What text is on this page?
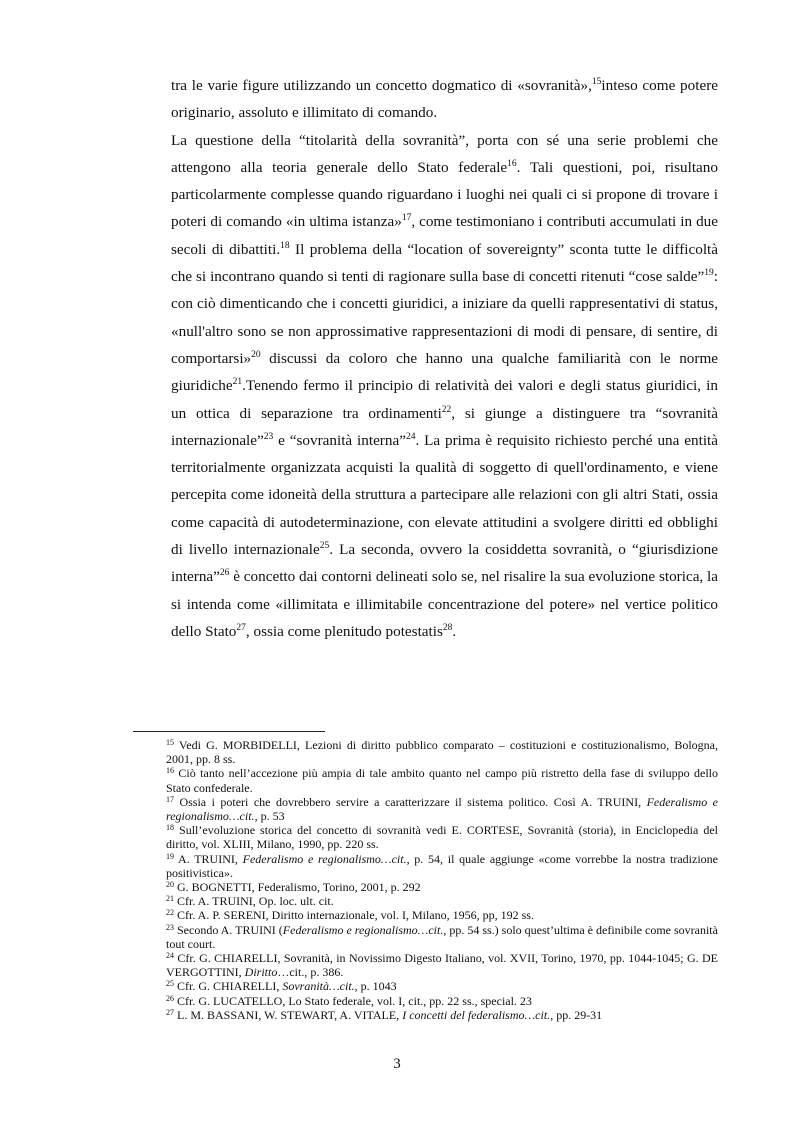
tra le varie figure utilizzando un concetto dogmatico di «sovranità»,$^{15}$inteso come potere originario, assoluto e illimitato di comando.

La questione della “titolarità della sovranità”, porta con sé una serie problemi che attengono alla teoria generale dello Stato federale$^{16}$. Tali questioni, poi, risultano particolarmente complesse quando riguardano i luoghi nei quali ci si propone di trovare i poteri di comando «in ultima istanza»$^{17}$, come testimoniano i contributi accumulati in due secoli di dibattiti.$^{18}$ Il problema della “location of sovereignty” sconta tutte le difficoltà che si incontrano quando si tenti di ragionare sulla base di concetti ritenuti “cose salde”$^{19}$: con ciò dimenticando che i concetti giuridici, a iniziare da quelli rappresentativi di status, «null'altro sono se non approssimative rappresentazioni di modi di pensare, di sentire, di comportarsi»$^{20}$ discussi da coloro che hanno una qualche familiarità con le norme giuridiche$^{21}$.Tenendo fermo il principio di relatività dei valori e degli status giuridici, in un ottica di separazione tra ordinamenti$^{22}$, si giunge a distinguere tra “sovranità internazionale”$^{23}$ e “sovranità interna”$^{24}$. La prima è requisito richiesto perché una entità territorialmente organizzata acquisti la qualità di soggetto di quell'ordinamento, e viene percepita come idoneità della struttura a partecipare alle relazioni con gli altri Stati, ossia come capacità di autodeterminazione, con elevate attitudini a svolgere diritti ed obblighi di livello internazionale$^{25}$. La seconda, ovvero la cosiddetta sovranità, o “giurisdizione interna”$^{26}$ è concetto dai contorni delineati solo se, nel risalire la sua evoluzione storica, la si intenda come «illimitata e illimitabile concentrazione del potere» nel vertice politico dello Stato$^{27}$, ossia come plenitudo potestatis$^{28}$.

$^{15}$ Vedi G. MORBIDELLI, Lezioni di diritto pubblico comparato – costituzioni e costituzionalismo, Bologna, 2001, pp. 8 ss.

$^{16}$ Ciò tanto nell’accezione più ampia di tale ambito quanto nel campo più ristretto della fase di sviluppo dello Stato confederale.

$^{17}$ Ossia i poteri che dovrebbero servire a caratterizzare il sistema politico. Così A. TRUINI, Federalismo e regionalismo…cit., p. 53

$^{18}$ Sull’evoluzione storica del concetto di sovranità vedi E. CORTESE, Sovranità (storia), in Enciclopedia del diritto, vol. XLIII, Milano, 1990, pp. 220 ss.

$^{19}$ A. TRUINI, Federalismo e regionalismo…cit., p. 54, il quale aggiunge «come vorrebbe la nostra tradizione positivistica».

$^{20}$ G. BOGNETTI, Federalismo, Torino, 2001, p. 292

$^{21}$ Cfr. A. TRUINI, Op. loc. ult. cit.

$^{22}$ Cfr. A. P. SERENI, Diritto internazionale, vol. I, Milano, 1956, pp, 192 ss.

$^{23}$ Secondo A. TRUINI (Federalismo e regionalismo…cit., pp. 54 ss.) solo quest’ultima è definibile come sovranità tout court.

$^{24}$ Cfr. G. CHIARELLI, Sovranità, in Novissimo Digesto Italiano, vol. XVII, Torino, 1970, pp. 1044-1045; G. DE VERGOTTINI, Diritto…cit., p. 386.

$^{25}$ Cfr. G. CHIARELLI, Sovranità…cit., p. 1043

$^{26}$ Cfr. G. LUCATELLO, Lo Stato federale, vol. I, cit., pp. 22 ss., special. 23

$^{27}$ L. M. BASSANI, W. STEWART, A. VITALE, I concetti del federalismo…cit., pp. 29-31

3
